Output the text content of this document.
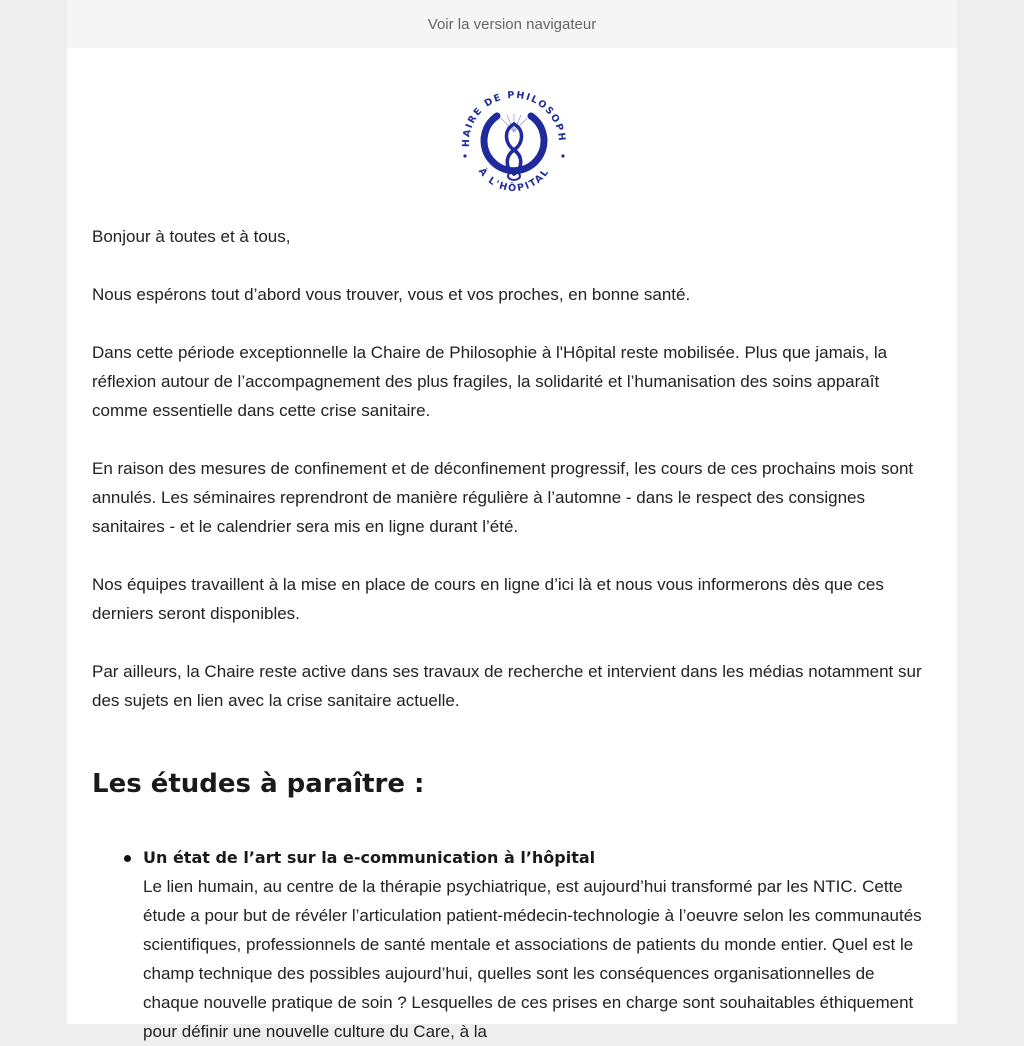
Voir la version navigateur
HAIRE DE PHILOSOPH
À L'HÔPITAL

Bonjour à toutes et à tous,

Nous espérons tout d’abord vous trouver, vous et vos proches, en bonne santé.

Dans cette période exceptionnelle la Chaire de Philosophie à l'Hôpital reste mobilisée. Plus que jamais, la réflexion autour de l’accompagnement des plus fragiles, la solidarité et l’humanisation des soins apparaît comme essentielle dans cette crise sanitaire.

En raison des mesures de confinement et de déconfinement progressif, les cours de ces prochains mois sont annulés. Les séminaires reprendront de manière régulière à l’automne - dans le respect des consignes sanitaires - et le calendrier sera mis en ligne durant l’été.

Nos équipes travaillent à la mise en place de cours en ligne d’ici là et nous vous informerons dès que ces derniers seront disponibles.

Par ailleurs, la Chaire reste active dans ses travaux de recherche et intervient dans les médias notamment sur des sujets en lien avec la crise sanitaire actuelle.

Les études à paraître :
Un état de l’art sur la e-communication à l’hôpital
Le lien humain, au centre de la thérapie psychiatrique, est aujourd’hui transformé par les NTIC. Cette étude a pour but de révéler l’articulation patient-médecin-technologie à l’oeuvre selon les communautés scientifiques, professionnels de santé mentale et associations de patients du monde entier. Quel est le champ technique des possibles aujourd’hui, quelles sont les conséquences organisationnelles de chaque nouvelle pratique de soin ? Lesquelles de ces prises en charge sont souhaitables éthiquement pour définir une nouvelle culture du Care, à la
